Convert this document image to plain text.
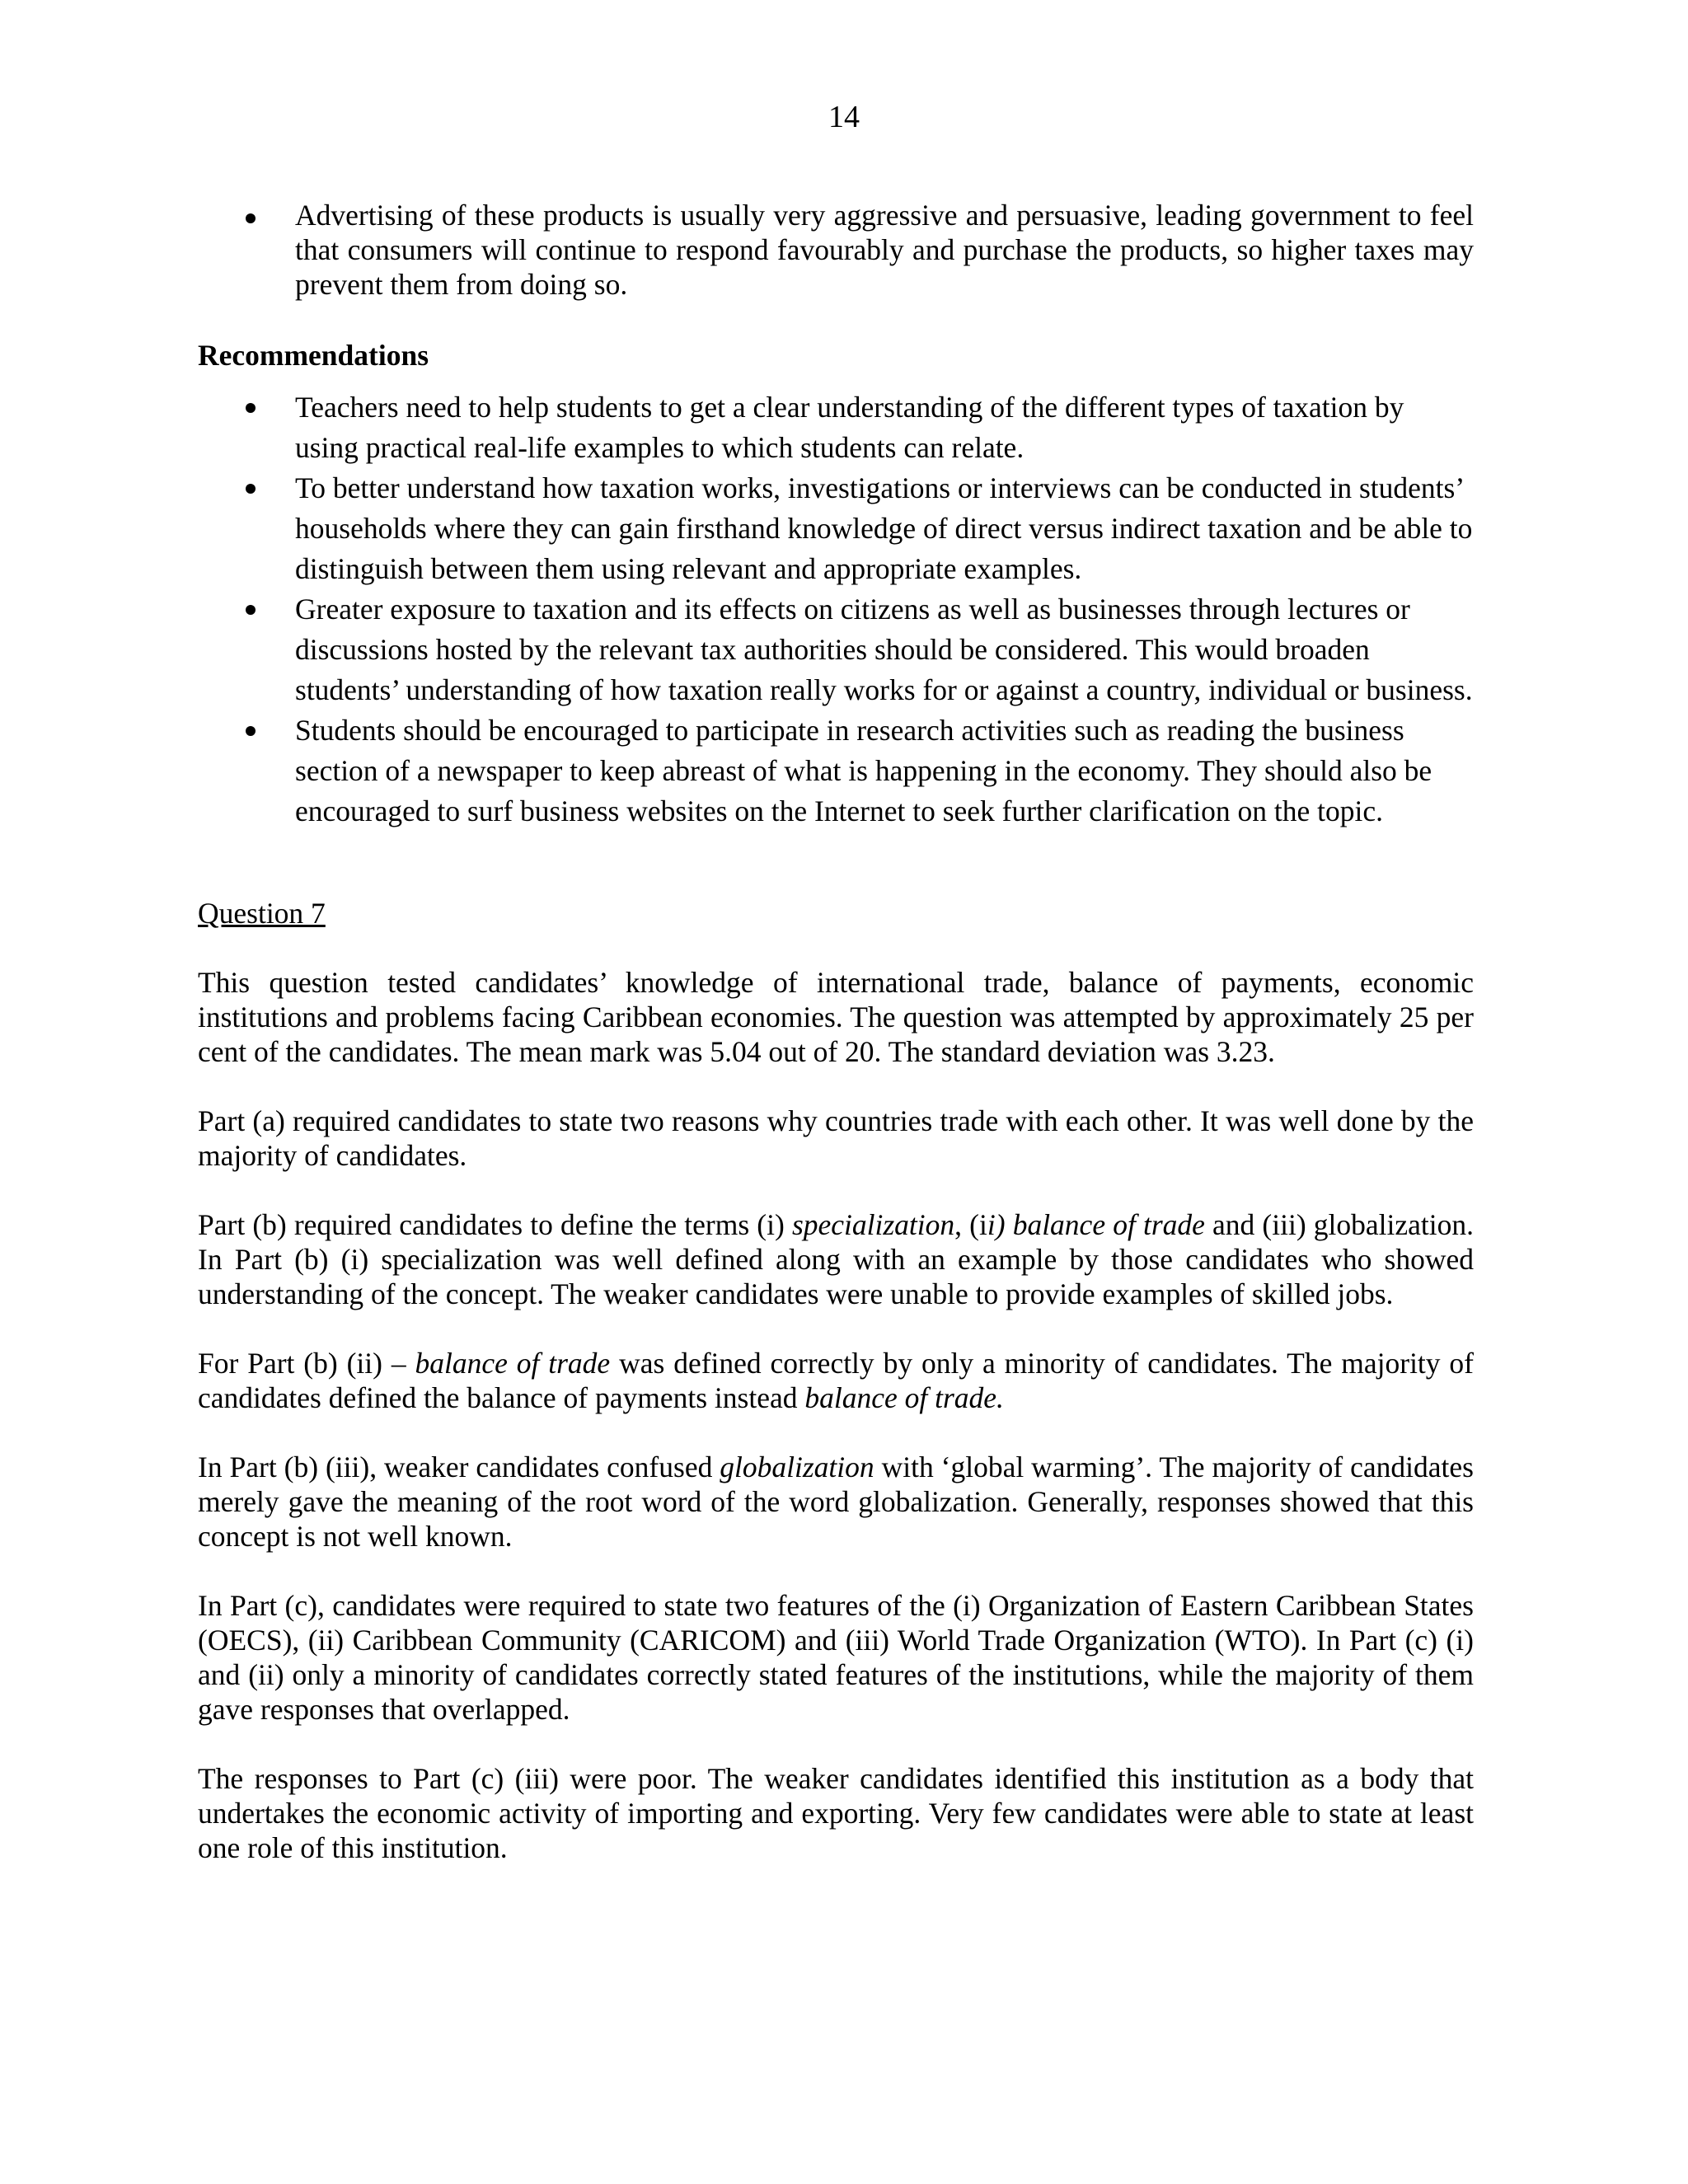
14
Advertising of these products is usually very aggressive and persuasive, leading government to feel that consumers will continue to respond favourably and purchase the products, so higher taxes may prevent them from doing so.
Recommendations
Teachers need to help students to get a clear understanding of the different types of taxation by using practical real-life examples to which students can relate.
To better understand how taxation works, investigations or interviews can be conducted in students’ households where they can gain firsthand knowledge of direct versus indirect taxation and be able to distinguish between them using relevant and appropriate examples.
Greater exposure to taxation and its effects on citizens as well as businesses through lectures or discussions hosted by the relevant tax authorities should be considered. This would broaden students’ understanding of how taxation really works for or against a country, individual or business.
Students should be encouraged to participate in research activities such as reading the business section of a newspaper to keep abreast of what is happening in the economy. They should also be encouraged to surf business websites on the Internet to seek further clarification on the topic.
Question 7

This question tested candidates’ knowledge of international trade, balance of payments, economic institutions and problems facing Caribbean economies. The question was attempted by approximately 25 per cent of the candidates. The mean mark was 5.04 out of 20. The standard deviation was 3.23.

Part (a) required candidates to state two reasons why countries trade with each other. It was well done by the majority of candidates.

Part (b) required candidates to define the terms (i) specialization, (ii) balance of trade and (iii) globalization. In Part (b) (i) specialization was well defined along with an example by those candidates who showed understanding of the concept. The weaker candidates were unable to provide examples of skilled jobs.

For Part (b) (ii) – balance of trade was defined correctly by only a minority of candidates. The majority of candidates defined the balance of payments instead balance of trade.

In Part (b) (iii), weaker candidates confused globalization with ‘global warming’. The majority of candidates merely gave the meaning of the root word of the word globalization. Generally, responses showed that this concept is not well known.

In Part (c), candidates were required to state two features of the (i) Organization of Eastern Caribbean States (OECS), (ii) Caribbean Community (CARICOM) and (iii) World Trade Organization (WTO). In Part (c) (i) and (ii) only a minority of candidates correctly stated features of the institutions, while the majority of them gave responses that overlapped.

The responses to Part (c) (iii) were poor. The weaker candidates identified this institution as a body that undertakes the economic activity of importing and exporting. Very few candidates were able to state at least one role of this institution.
